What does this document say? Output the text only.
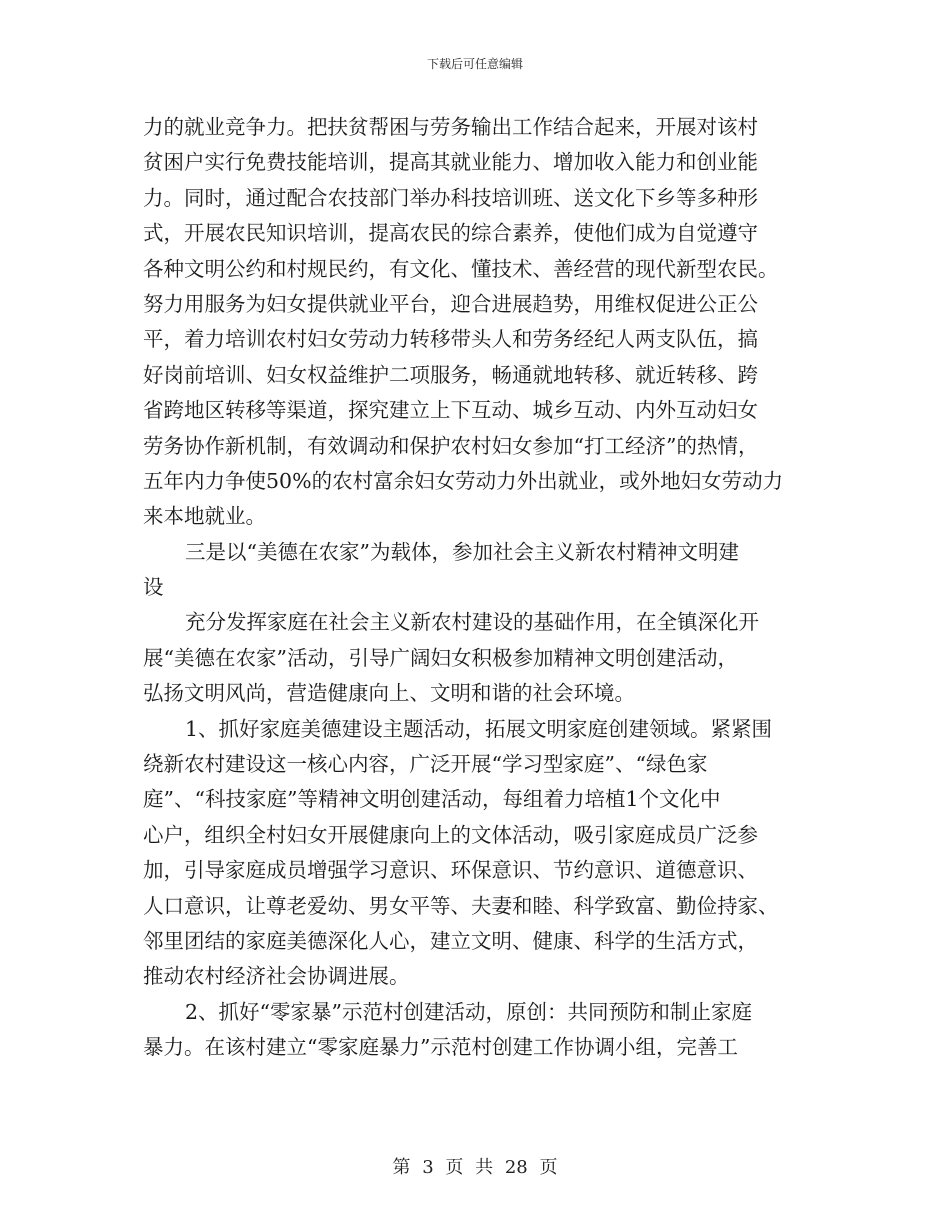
下载后可任意编辑
力的就业竞争力。把扶贫帮困与劳务输出工作结合起来，开展对该村
贫困户实行免费技能培训，提高其就业能力、增加收入能力和创业能
力。同时，通过配合农技部门举办科技培训班、送文化下乡等多种形
式，开展农民知识培训，提高农民的综合素养，使他们成为自觉遵守
各种文明公约和村规民约，有文化、懂技术、善经营的现代新型农民。
努力用服务为妇女提供就业平台，迎合进展趋势，用维权促进公正公
平，着力培训农村妇女劳动力转移带头人和劳务经纪人两支队伍，搞
好岗前培训、妇女权益维护二项服务，畅通就地转移、就近转移、跨
省跨地区转移等渠道，探究建立上下互动、城乡互动、内外互动妇女
劳务协作新机制，有效调动和保护农村妇女参加“打工经济”的热情，
五年内力争使50%的农村富余妇女劳动力外出就业，或外地妇女劳动力
来本地就业。
三是以“美德在农家”为载体，参加社会主义新农村精神文明建
设
充分发挥家庭在社会主义新农村建设的基础作用，在全镇深化开
展“美德在农家”活动，引导广阔妇女积极参加精神文明创建活动，
弘扬文明风尚，营造健康向上、文明和谐的社会环境。
1、抓好家庭美德建设主题活动，拓展文明家庭创建领域。紧紧围
绕新农村建设这一核心内容，广泛开展“学习型家庭”、“绿色家
庭”、“科技家庭”等精神文明创建活动，每组着力培植1个文化中
心户，组织全村妇女开展健康向上的文体活动，吸引家庭成员广泛参
加，引导家庭成员增强学习意识、环保意识、节约意识、道德意识、
人口意识，让尊老爱幼、男女平等、夫妻和睦、科学致富、勤俭持家、
邻里团结的家庭美德深化人心，建立文明、健康、科学的生活方式，
推动农村经济社会协调进展。
2、抓好“零家暴”示范村创建活动，原创：共同预防和制止家庭
暴力。在该村建立“零家庭暴力”示范村创建工作协调小组，完善工
第 3 页 共 28 页
